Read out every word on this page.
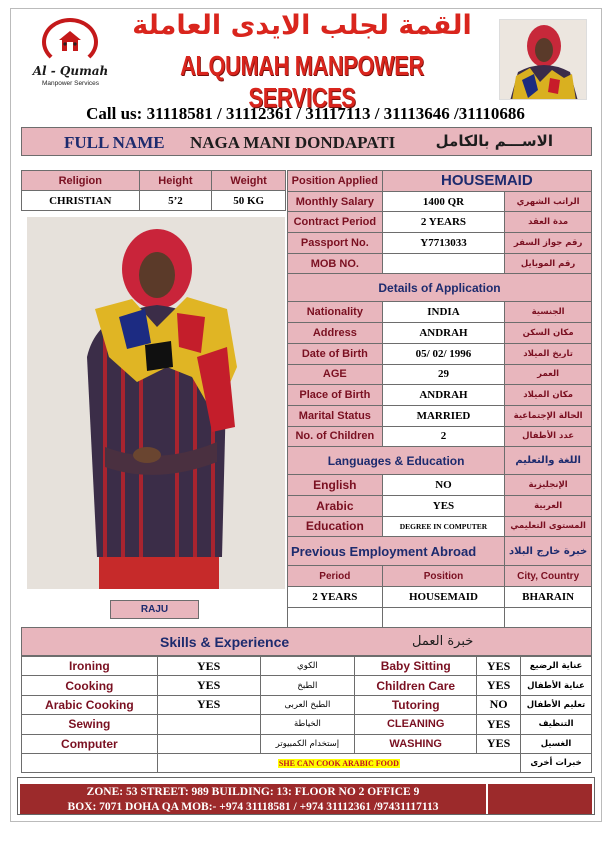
Al - Qumah
Manpower Services
القمة لجلب الايدى العاملة
ALQUMAH MANPOWER SERVICES
Call us: 31118581 / 31112361 / 31117113 / 31113646 /31110686
FULL NAME NAGA MANI DONDAPATI	الاســـم بالكامل
Religion	Height	Weight
CHRISTIAN	5’2	50 KG
RAJU
Position Applied	HOUSEMAID	
Monthly Salary	1400 QR	الراتب الشهري
Contract Period	2 YEARS	مدة العقد
Passport No.	Y7713033	رقم جواز السفر
MOB NO.		رقم الموبايل
Details of Application		
Nationality	INDIA	الجنسية
Address	ANDRAH	مكان السكن
Date of Birth	05/ 02/ 1996	تاريخ الميلاد
AGE	29	العمر
Place of Birth	ANDRAH	مكان الميلاد
Marital Status	MARRIED	الحالة الإجتماعية
No. of Children	2	عدد الأطفال
Languages & Education		اللغة والتعليم
English	NO	الإنجليزية
Arabic	YES	العربية
Education	DEGREE IN COMPUTER	المستوى التعليمي
Previous Employment Abroad		خبرة خارج البلاد
Period	Position	City, Country
2 YEARS	HOUSEMAID	BHARAIN

Skills & Experience	خبرة العمل
Ironing	YES	الكوي	Baby Sitting	YES	عناية الرضيع
Cooking	YES	الطبخ	Children Care	YES	عناية الأطفال
Arabic Cooking	YES	الطبخ العربى	Tutoring	NO	تعليم الأطفال
Sewing		الخياطة	CLEANING	YES	التنظيف
Computer		إستخدام الكمبيوتر	WASHING	YES	الغسيل
	SHE CAN COOK ARABIC FOOD				خبرات أخرى
ZONE: 53 STREET: 989 BUILDING: 13: FLOOR NO 2 OFFICE 9
BOX: 7071 DOHA QA MOB:- +974 31118581 / +974 31112361 /97431117113
